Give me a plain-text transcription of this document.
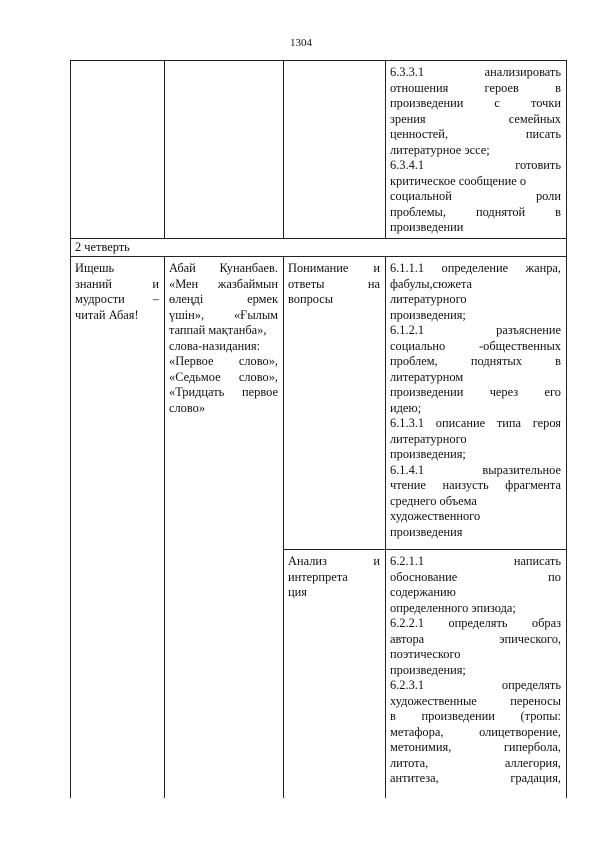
1304
6.3.3.1 анализировать
отношения героев в
произведении с точки
зрения семейных
ценностей, писать
литературное эссе;
6.3.4.1 готовить
критическое сообщение о
социальной роли
проблемы, поднятой в
произведении
2 четверть
Ищешь
знаний и
мудрости –
читай Абая!
Абай Кунанбаев.
«Мен жазбаймын
өлеңді ермек
үшін», «Ғылым
таппай мақтанба»,
слова-назидания:
«Первое слово»,
«Седьмое слово»,
«Тридцать первое
слово»
Понимание и
ответы на
вопросы
6.1.1.1 определение жанра,
фабулы,сюжета
литературного
произведения;
6.1.2.1 разъяснение
социально -общественных
проблем, поднятых в
литературном
произведении через его
идею;
6.1.3.1 описание типа героя
литературного
произведения;
6.1.4.1 выразительное
чтение наизусть фрагмента
среднего объема
художественного
произведения
Анализ и
интерпрета
ция
6.2.1.1 написать
обоснование по
содержанию
определенного эпизода;
6.2.2.1 определять образ
автора эпического,
поэтического
произведения;
6.2.3.1 определять
художественные переносы
в произведении (тропы:
метафора, олицетворение,
метонимия, гипербола,
литота, аллегория,
антитеза, градация,
